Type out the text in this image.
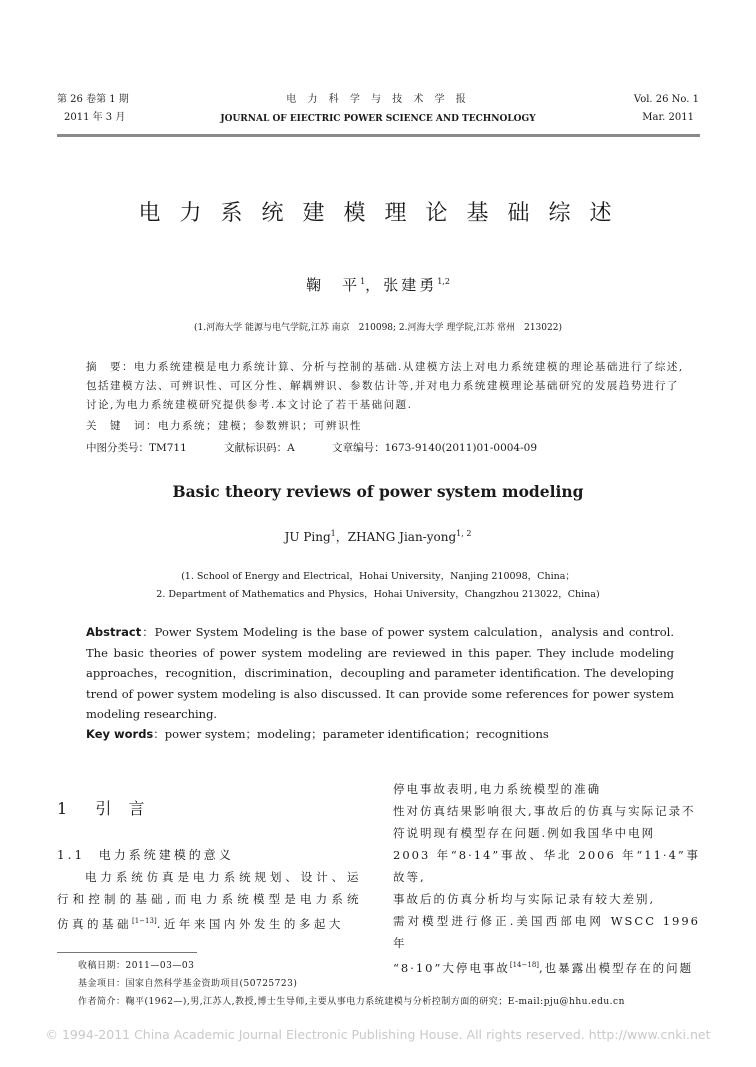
第 26 卷第 1 期
2011 年 3 月
电 力 科 学 与 技 术 学 报
JOURNAL OF EIECTRIC POWER SCIENCE AND TECHNOLOGY
Vol. 26 No. 1
Mar. 2011
电 力 系 统 建 模 理 论 基 础 综 述
鞠　平$^1$，张建勇$^{1,2}$
(1.河海大学 能源与电气学院,江苏 南京　210098; 2.河海大学 理学院,江苏 常州　213022)
摘　要：电力系统建模是电力系统计算、分析与控制的基础.从建模方法上对电力系统建模的理论基础进行了综述,包括建模方法、可辨识性、可区分性、解耦辨识、参数估计等,并对电力系统建模理论基础研究的发展趋势进行了讨论,为电力系统建模研究提供参考.本文讨论了若干基础问题.
关　键　词：电力系统；建模；参数辨识；可辨识性
中图分类号：TM711	文献标识码：A	文章编号：1673-9140(2011)01-0004-09
Basic theory reviews of power system modeling
JU Ping$^1$，ZHANG Jian-yong$^{1, 2}$
(1. School of Energy and Electrical，Hohai University，Nanjing 210098，China；
2. Department of Mathematics and Physics，Hohai University，Changzhou 213022，China)
Abstract：Power System Modeling is the base of power system calculation，analysis and control. The basic theories of power system modeling are reviewed in this paper. They include modeling approaches，recognition，discrimination，decoupling and parameter identification. The developing trend of power system modeling is also discussed. It can provide some references for power system modeling researching.
Key words：power system；modeling；parameter identification；recognitions
1 引 言
1.1 电力系统建模的意义
电力系统仿真是电力系统规划、设计、运行和控制的基础,而电力系统模型是电力系统仿真的基础[1−13].近年来国内外发生的多起大
停电事故表明,电力系统模型的准确
性对仿真结果影响很大,事故后的仿真与实际记录不
符说明现有模型存在问题.例如我国华中电网
2003 年“8·14”事故、华北 2006 年“11·4”事故等,
事故后的仿真分析均与实际记录有较大差别,
需对模型进行修正.美国西部电网 WSCC 1996 年
“8·10”大停电事故[14−18],也暴露出模型存在的问题
收稿日期：2011—03—03
基金项目：国家自然科学基金资助项目(50725723)
作者简介：鞠平(1962—),男,江苏人,教授,博士生导师,主要从事电力系统建模与分析控制方面的研究；E-mail:pju@hhu.edu.cn
© 1994-2011 China Academic Journal Electronic Publishing House. All rights reserved. http://www.cnki.net
